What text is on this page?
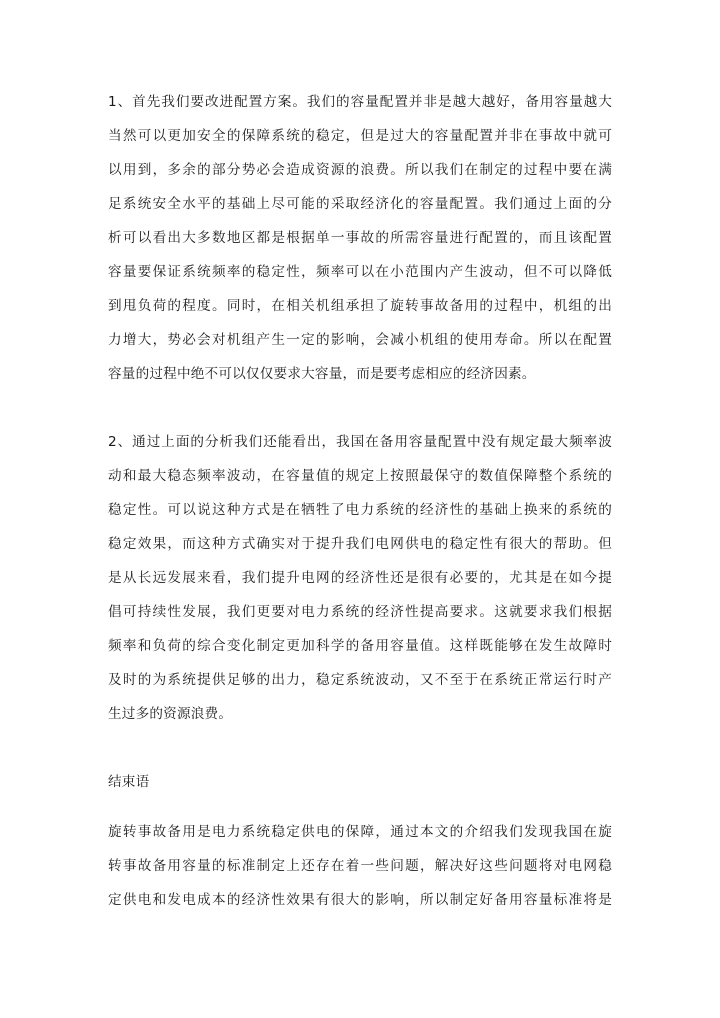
1、首先我们要改进配置方案。我们的容量配置并非是越大越好，备用容量越大
当然可以更加安全的保障系统的稳定，但是过大的容量配置并非在事故中就可
以用到，多余的部分势必会造成资源的浪费。所以我们在制定的过程中要在满
足系统安全水平的基础上尽可能的采取经济化的容量配置。我们通过上面的分
析可以看出大多数地区都是根据单一事故的所需容量进行配置的，而且该配置
容量要保证系统频率的稳定性，频率可以在小范围内产生波动，但不可以降低
到甩负荷的程度。同时，在相关机组承担了旋转事故备用的过程中，机组的出
力增大，势必会对机组产生一定的影响，会减小机组的使用寿命。所以在配置
容量的过程中绝不可以仅仅要求大容量，而是要考虑相应的经济因素。
2、通过上面的分析我们还能看出，我国在备用容量配置中没有规定最大频率波
动和最大稳态频率波动，在容量值的规定上按照最保守的数值保障整个系统的
稳定性。可以说这种方式是在牺牲了电力系统的经济性的基础上换来的系统的
稳定效果，而这种方式确实对于提升我们电网供电的稳定性有很大的帮助。但
是从长远发展来看，我们提升电网的经济性还是很有必要的，尤其是在如今提
倡可持续性发展，我们更要对电力系统的经济性提高要求。这就要求我们根据
频率和负荷的综合变化制定更加科学的备用容量值。这样既能够在发生故障时
及时的为系统提供足够的出力，稳定系统波动，又不至于在系统正常运行时产
生过多的资源浪费。
结束语
旋转事故备用是电力系统稳定供电的保障，通过本文的介绍我们发现我国在旋
转事故备用容量的标准制定上还存在着一些问题，解决好这些问题将对电网稳
定供电和发电成本的经济性效果有很大的影响，所以制定好备用容量标准将是
